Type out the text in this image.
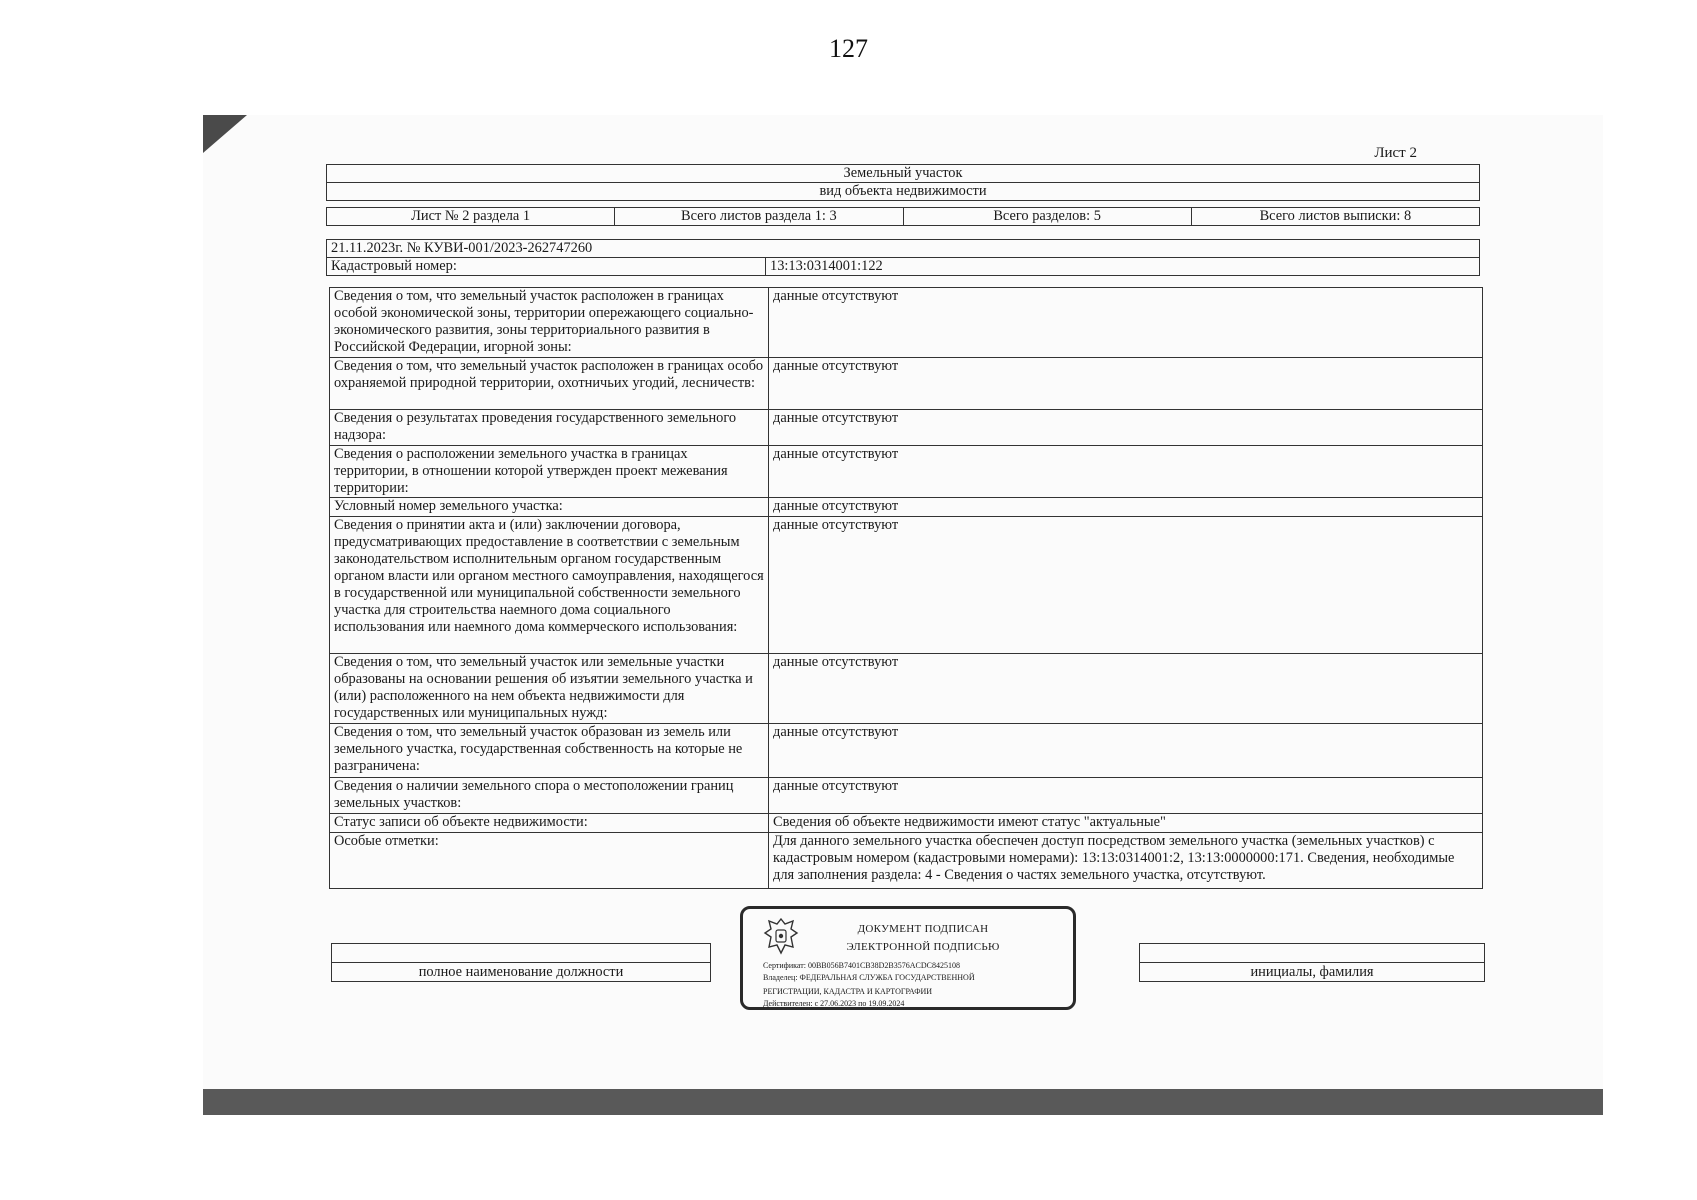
127
Лист 2
Земельный участок
вид объекта недвижимости
Лист № 2 раздела 1	Всего листов раздела 1: 3	Всего разделов: 5	Всего листов выписки: 8
21.11.2023г. № КУВИ-001/2023-262747260
Кадастровый номер:	13:13:0314001:122
Сведения о том, что земельный участок расположен в границах особой экономической зоны, территории опережающего социально-экономического развития, зоны территориального развития в Российской Федерации, игорной зоны:	данные отсутствуют
Сведения о том, что земельный участок расположен в границах особо охраняемой природной территории, охотничьих угодий, лесничеств:	данные отсутствуют
Сведения о результатах проведения государственного земельного надзора:	данные отсутствуют
Сведения о расположении земельного участка в границах территории, в отношении которой утвержден проект межевания территории:	данные отсутствуют
Условный номер земельного участка:	данные отсутствуют
Сведения о принятии акта и (или) заключении договора, предусматривающих предоставление в соответствии с земельным законодательством исполнительным органом государственным органом власти или органом местного самоуправления, находящегося в государственной или муниципальной собственности земельного участка для строительства наемного дома социального использования или наемного дома коммерческого использования:	данные отсутствуют
Сведения о том, что земельный участок или земельные участки образованы на основании решения об изъятии земельного участка и (или) расположенного на нем объекта недвижимости для государственных или муниципальных нужд:	данные отсутствуют
Сведения о том, что земельный участок образован из земель или земельного участка, государственная собственность на которые не разграничена:	данные отсутствуют
Сведения о наличии земельного спора о местоположении границ земельных участков:	данные отсутствуют
Статус записи об объекте недвижимости:	Сведения об объекте недвижимости имеют статус "актуальные"
Особые отметки:	Для данного земельного участка обеспечен доступ посредством земельного участка (земельных участков) с кадастровым номером (кадастровыми номерами): 13:13:0314001:2, 13:13:0000000:171. Сведения, необходимые для заполнения раздела: 4 - Сведения о частях земельного участка, отсутствуют.

полное наименование должности		инициалы, фамилия
ДОКУМЕНТ ПОДПИСАН
ЭЛЕКТРОННОЙ ПОДПИСЬЮ
Сертификат: 00BB056B7401CB38D2B3576ACDC8425108
Владелец: ФЕДЕРАЛЬНАЯ СЛУЖБА ГОСУДАРСТВЕННОЙ
РЕГИСТРАЦИИ, КАДАСТРА И КАРТОГРАФИИ
Действителен: с 27.06.2023 по 19.09.2024
